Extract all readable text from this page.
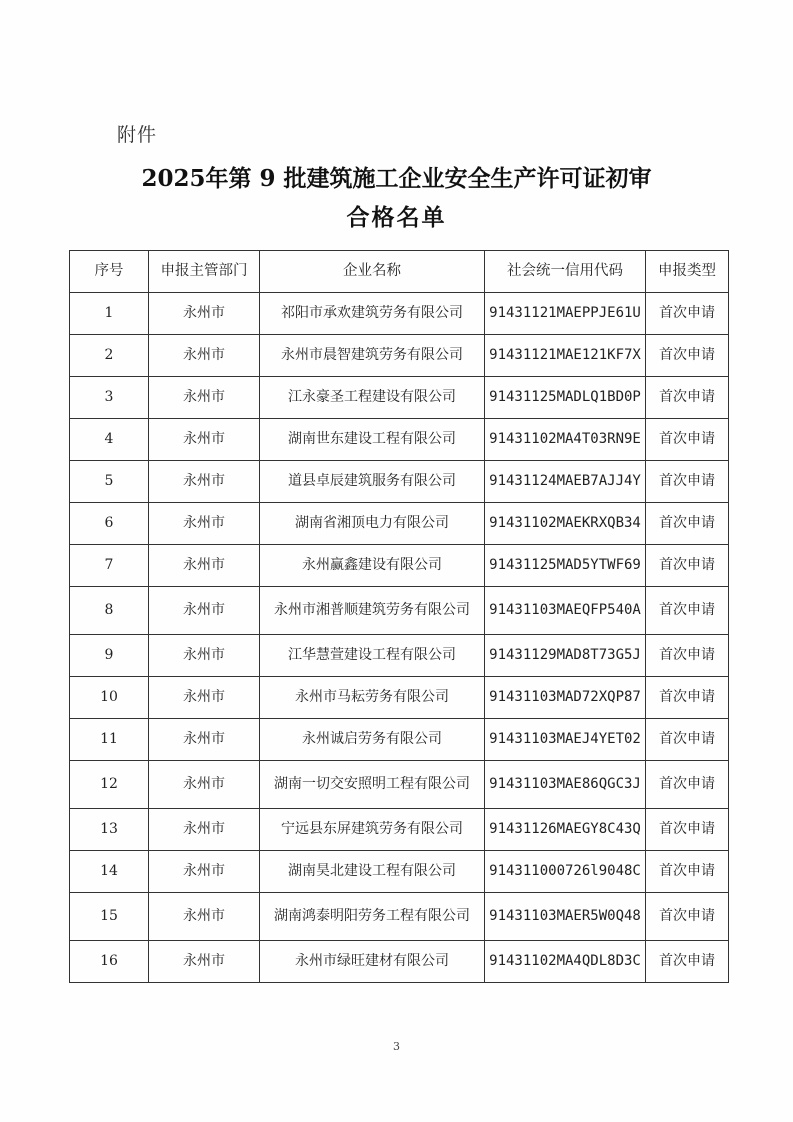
附件
2025年第 9 批建筑施工企业安全生产许可证初审
合格名单
序号	申报主管部门	企业名称	社会统一信用代码	申报类型
1	永州市	祁阳市承欢建筑劳务有限公司	91431121MAEPPJE61U	首次申请
2	永州市	永州市晨智建筑劳务有限公司	91431121MAE121KF7X	首次申请
3	永州市	江永豪圣工程建设有限公司	91431125MADLQ1BD0P	首次申请
4	永州市	湖南世东建设工程有限公司	91431102MA4T03RN9E	首次申请
5	永州市	道县卓辰建筑服务有限公司	91431124MAEB7AJJ4Y	首次申请
6	永州市	湖南省湘顶电力有限公司	91431102MAEKRXQB34	首次申请
7	永州市	永州赢鑫建设有限公司	91431125MAD5YTWF69	首次申请
8	永州市	永州市湘普顺建筑劳务有限公司	91431103MAEQFP540A	首次申请
9	永州市	江华慧萱建设工程有限公司	91431129MAD8T73G5J	首次申请
10	永州市	永州市马耘劳务有限公司	91431103MAD72XQP87	首次申请
11	永州市	永州诚启劳务有限公司	91431103MAEJ4YET02	首次申请
12	永州市	湖南一切交安照明工程有限公司	91431103MAE86QGC3J	首次申请
13	永州市	宁远县东屏建筑劳务有限公司	91431126MAEGY8C43Q	首次申请
14	永州市	湖南昊北建设工程有限公司	914311000726l9048C	首次申请
15	永州市	湖南鸿泰明阳劳务工程有限公司	91431103MAER5W0Q48	首次申请
16	永州市	永州市绿旺建材有限公司	91431102MA4QDL8D3C	首次申请
3
